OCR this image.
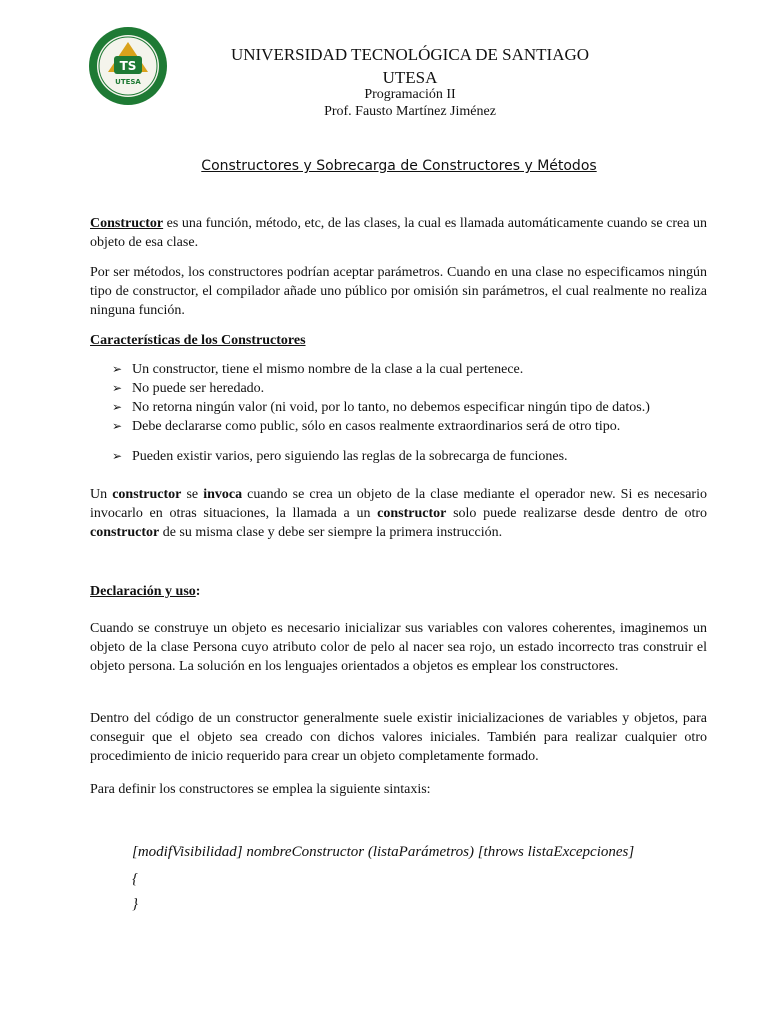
TS
UTESA
UNIVERSIDAD TECNOLÓGICA DE SANTIAGO
UTESA
Programación II
Prof. Fausto Martínez Jiménez
Constructores y Sobrecarga de Constructores y Métodos

Constructor es una función, método, etc, de las clases, la cual es llamada automáticamente cuando se crea un objeto de esa clase.

Por ser métodos, los constructores podrían aceptar parámetros. Cuando en una clase no especificamos ningún tipo de constructor, el compilador añade uno público por omisión sin parámetros, el cual realmente no realiza ninguna función.

Características de los Constructores
➢ Un constructor, tiene el mismo nombre de la clase a la cual pertenece.
➢ No puede ser heredado.
➢ No retorna ningún valor (ni void, por lo tanto, no debemos especificar ningún tipo de datos.)
➢ Debe declararse como public, sólo en casos realmente extraordinarios será de otro tipo.
➢ Pueden existir varios, pero siguiendo las reglas de la sobrecarga de funciones.

Un constructor se invoca cuando se crea un objeto de la clase mediante el operador new. Si es necesario invocarlo en otras situaciones, la llamada a un constructor solo puede realizarse desde dentro de otro constructor de su misma clase y debe ser siempre la primera instrucción.

Declaración y uso:

Cuando se construye un objeto es necesario inicializar sus variables con valores coherentes, imaginemos un objeto de la clase Persona cuyo atributo color de pelo al nacer sea rojo, un estado incorrecto tras construir el objeto persona. La solución en los lenguajes orientados a objetos es emplear los constructores.

Dentro del código de un constructor generalmente suele existir inicializaciones de variables y objetos, para conseguir que el objeto sea creado con dichos valores iniciales. También para realizar cualquier otro procedimiento de inicio requerido para crear un objeto completamente formado.

Para definir los constructores se emplea la siguiente sintaxis:

[modifVisibilidad] nombreConstructor (listaParámetros) [throws listaExcepciones]
{
}
